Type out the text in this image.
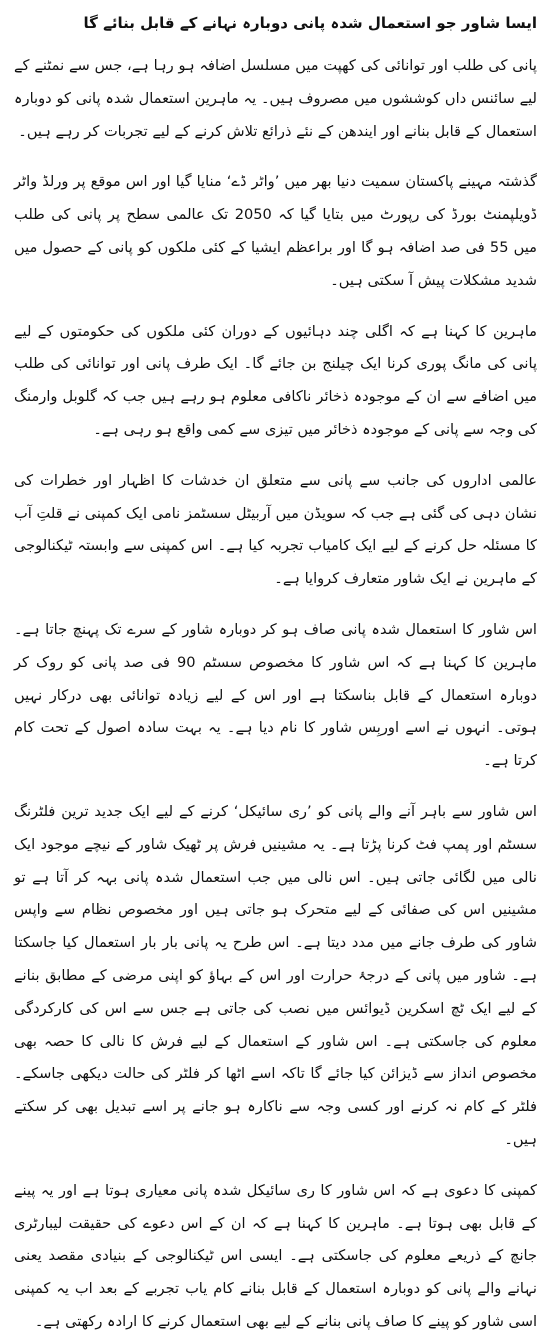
ایسا شاور جو استعمال شدہ پانی دوبارہ نہانے کے قابل بنائے گا

پانی کی طلب اور توانائی کی کھپت میں مسلسل اضافہ ہو رہا ہے، جس سے نمٹنے کے لیے سائنس داں کوششوں میں مصروف ہیں۔ یہ ماہرین استعمال شدہ پانی کو دوبارہ استعمال کے قابل بنانے اور ایندھن کے نئے ذرائع تلاش کرنے کے لیے تجربات کر رہے ہیں۔

گذشتہ مہینے پاکستان سمیت دنیا بھر میں ’واٹر ڈے‘ منایا گیا اور اس موقع پر ورلڈ واٹر ڈویلپمنٹ بورڈ کی رپورٹ میں بتایا گیا کہ 2050 تک عالمی سطح پر پانی کی طلب میں 55 فی صد اضافہ ہو گا اور براعظم ایشیا کے کئی ملکوں کو پانی کے حصول میں شدید مشکلات پیش آ سکتی ہیں۔

ماہرین کا کہنا ہے کہ اگلی چند دہائیوں کے دوران کئی ملکوں کی حکومتوں کے لیے پانی کی مانگ پوری کرنا ایک چیلنج بن جائے گا۔ ایک طرف پانی اور توانائی کی طلب میں اضافے سے ان کے موجودہ ذخائر ناکافی معلوم ہو رہے ہیں جب کہ گلوبل وارمنگ کی وجہ سے پانی کے موجودہ ذخائر میں تیزی سے کمی واقع ہو رہی ہے۔

عالمی اداروں کی جانب سے پانی سے متعلق ان خدشات کا اظہار اور خطرات کی نشان دہی کی گئی ہے جب کہ سویڈن میں آربیٹل سسٹمز نامی ایک کمپنی نے قلتِ آب کا مسئلہ حل کرنے کے لیے ایک کامیاب تجربہ کیا ہے۔ اس کمپنی سے وابستہ ٹیکنالوجی کے ماہرین نے ایک شاور متعارف کروایا ہے۔

اس شاور کا استعمال شدہ پانی صاف ہو کر دوبارہ شاور کے سرے تک پہنچ جاتا ہے۔ ماہرین کا کہنا ہے کہ اس شاور کا مخصوص سسٹم 90 فی صد پانی کو روک کر دوبارہ استعمال کے قابل بناسکتا ہے اور اس کے لیے زیادہ توانائی بھی درکار نہیں ہوتی۔ انہوں نے اسے اوربِس شاور کا نام دیا ہے۔ یہ بہت سادہ اصول کے تحت کام کرتا ہے۔

اس شاور سے باہر آنے والے پانی کو ’ری سائیکل‘ کرنے کے لیے ایک جدید ترین فلٹرنگ سسٹم اور پمپ فٹ کرنا پڑتا ہے۔ یہ مشینیں فرش پر ٹھیک شاور کے نیچے موجود ایک نالی میں لگائی جاتی ہیں۔ اس نالی میں جب استعمال شدہ پانی بہہ کر آتا ہے تو مشینیں اس کی صفائی کے لیے متحرک ہو جاتی ہیں اور مخصوص نظام سے واپس شاور کی طرف جانے میں مدد دیتا ہے۔ اس طرح یہ پانی بار بار استعمال کیا جاسکتا ہے۔ شاور میں پانی کے درجۂ حرارت اور اس کے بہاؤ کو اپنی مرضی کے مطابق بنانے کے لیے ایک ٹچ اسکرین ڈیوائس میں نصب کی جاتی ہے جس سے اس کی کارکردگی معلوم کی جاسکتی ہے۔ اس شاور کے استعمال کے لیے فرش کا نالی کا حصہ بھی مخصوص انداز سے ڈیزائن کیا جائے گا تاکہ اسے اٹھا کر فلٹر کی حالت دیکھی جاسکے۔ فلٹر کے کام نہ کرنے اور کسی وجہ سے ناکارہ ہو جانے پر اسے تبدیل بھی کر سکتے ہیں۔

کمپنی کا دعوی ہے کہ اس شاور کا ری سائیکل شدہ پانی معیاری ہوتا ہے اور یہ پینے کے قابل بھی ہوتا ہے۔ ماہرین کا کہنا ہے کہ ان کے اس دعوے کی حقیقت لیبارٹری جانچ کے ذریعے معلوم کی جاسکتی ہے۔ ایسی اس ٹیکنالوجی کے بنیادی مقصد یعنی نہانے والے پانی کو دوبارہ استعمال کے قابل بنانے کام یاب تجربے کے بعد اب یہ کمپنی اسی شاور کو پینے کا صاف پانی بنانے کے لیے بھی استعمال کرنے کا ارادہ رکھتی ہے۔
